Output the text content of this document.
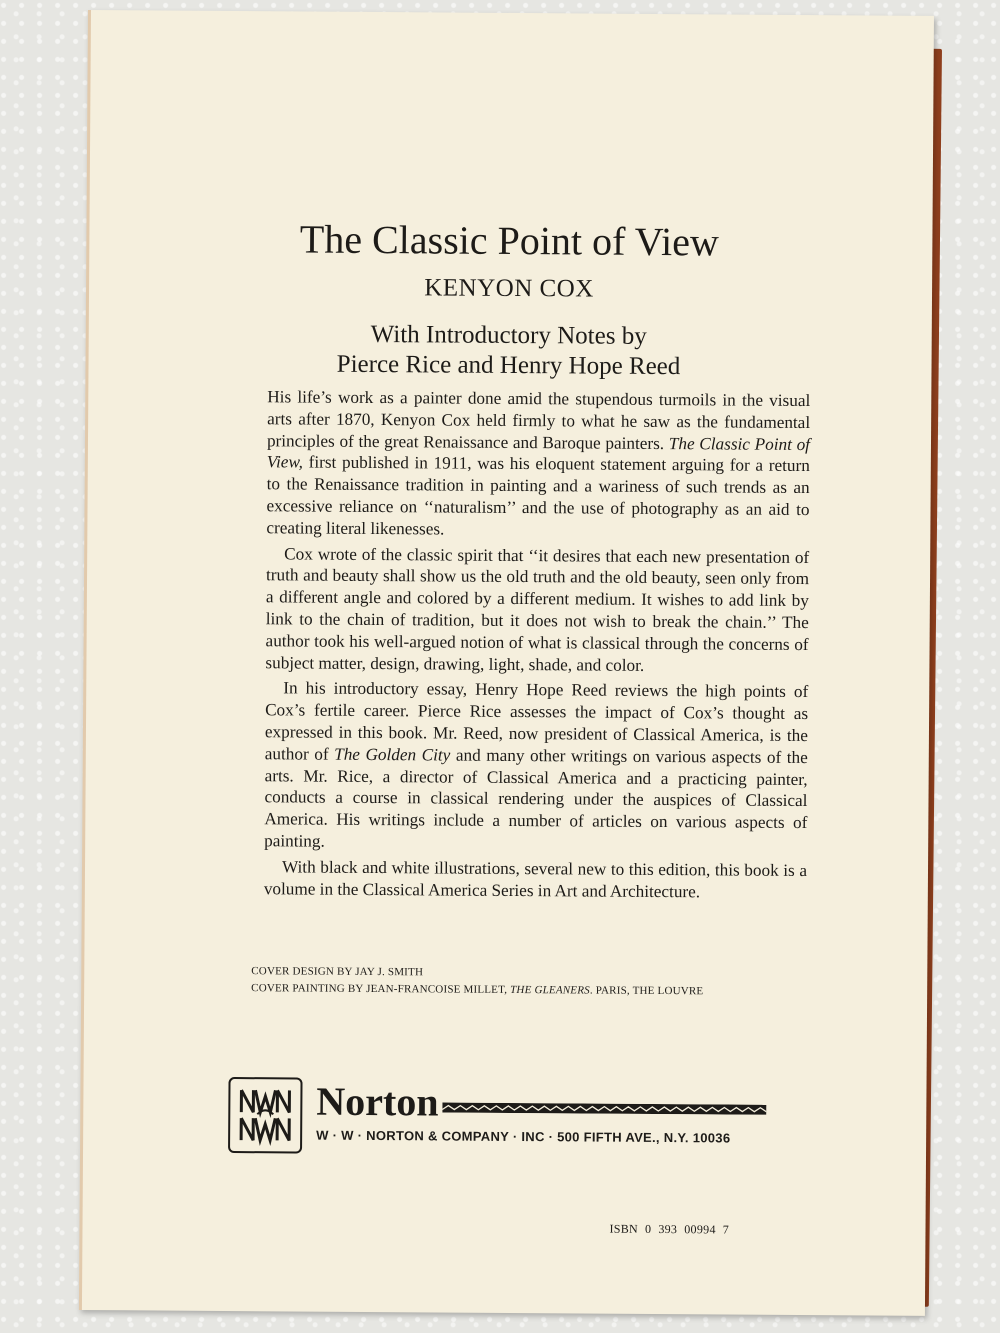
The Classic Point of View
KENYON COX
With Introductory Notes by
Pierce Rice and Henry Hope Reed

His life’s work as a painter done amid the stupendous turmoils in the visual arts after 1870, Kenyon Cox held firmly to what he saw as the fundamental principles of the great Renaissance and Baroque painters. The Classic Point of View, first published in 1911, was his eloquent statement arguing for a return to the Renaissance tradition in painting and a wariness of such trends as an excessive reliance on ‘‘naturalism’’ and the use of photography as an aid to creating literal likenesses.

Cox wrote of the classic spirit that ‘‘it desires that each new presentation of truth and beauty shall show us the old truth and the old beauty, seen only from a different angle and colored by a different medium. It wishes to add link by link to the chain of tradition, but it does not wish to break the chain.’’ The author took his well-argued notion of what is classical through the concerns of subject matter, design, drawing, light, shade, and color.

In his introductory essay, Henry Hope Reed reviews the high points of Cox’s fertile career. Pierce Rice assesses the impact of Cox’s thought as expressed in this book. Mr. Reed, now president of Classical America, is the author of The Golden City and many other writings on various aspects of the arts. Mr. Rice, a director of Classical America and a practicing painter, conducts a course in classical rendering under the auspices of Classical America. His writings include a number of articles on various aspects of painting.

With black and white illustrations, several new to this edition, this book is a volume in the Classical America Series in Art and Architecture.

COVER DESIGN BY JAY J. SMITH
COVER PAINTING BY JEAN-FRANCOISE MILLET, THE GLEANERS. PARIS, THE LOUVRE
Norton
W · W · NORTON & COMPANY · INC · 500 FIFTH AVE., N.Y. 10036
ISBN 0 393 00994 7
